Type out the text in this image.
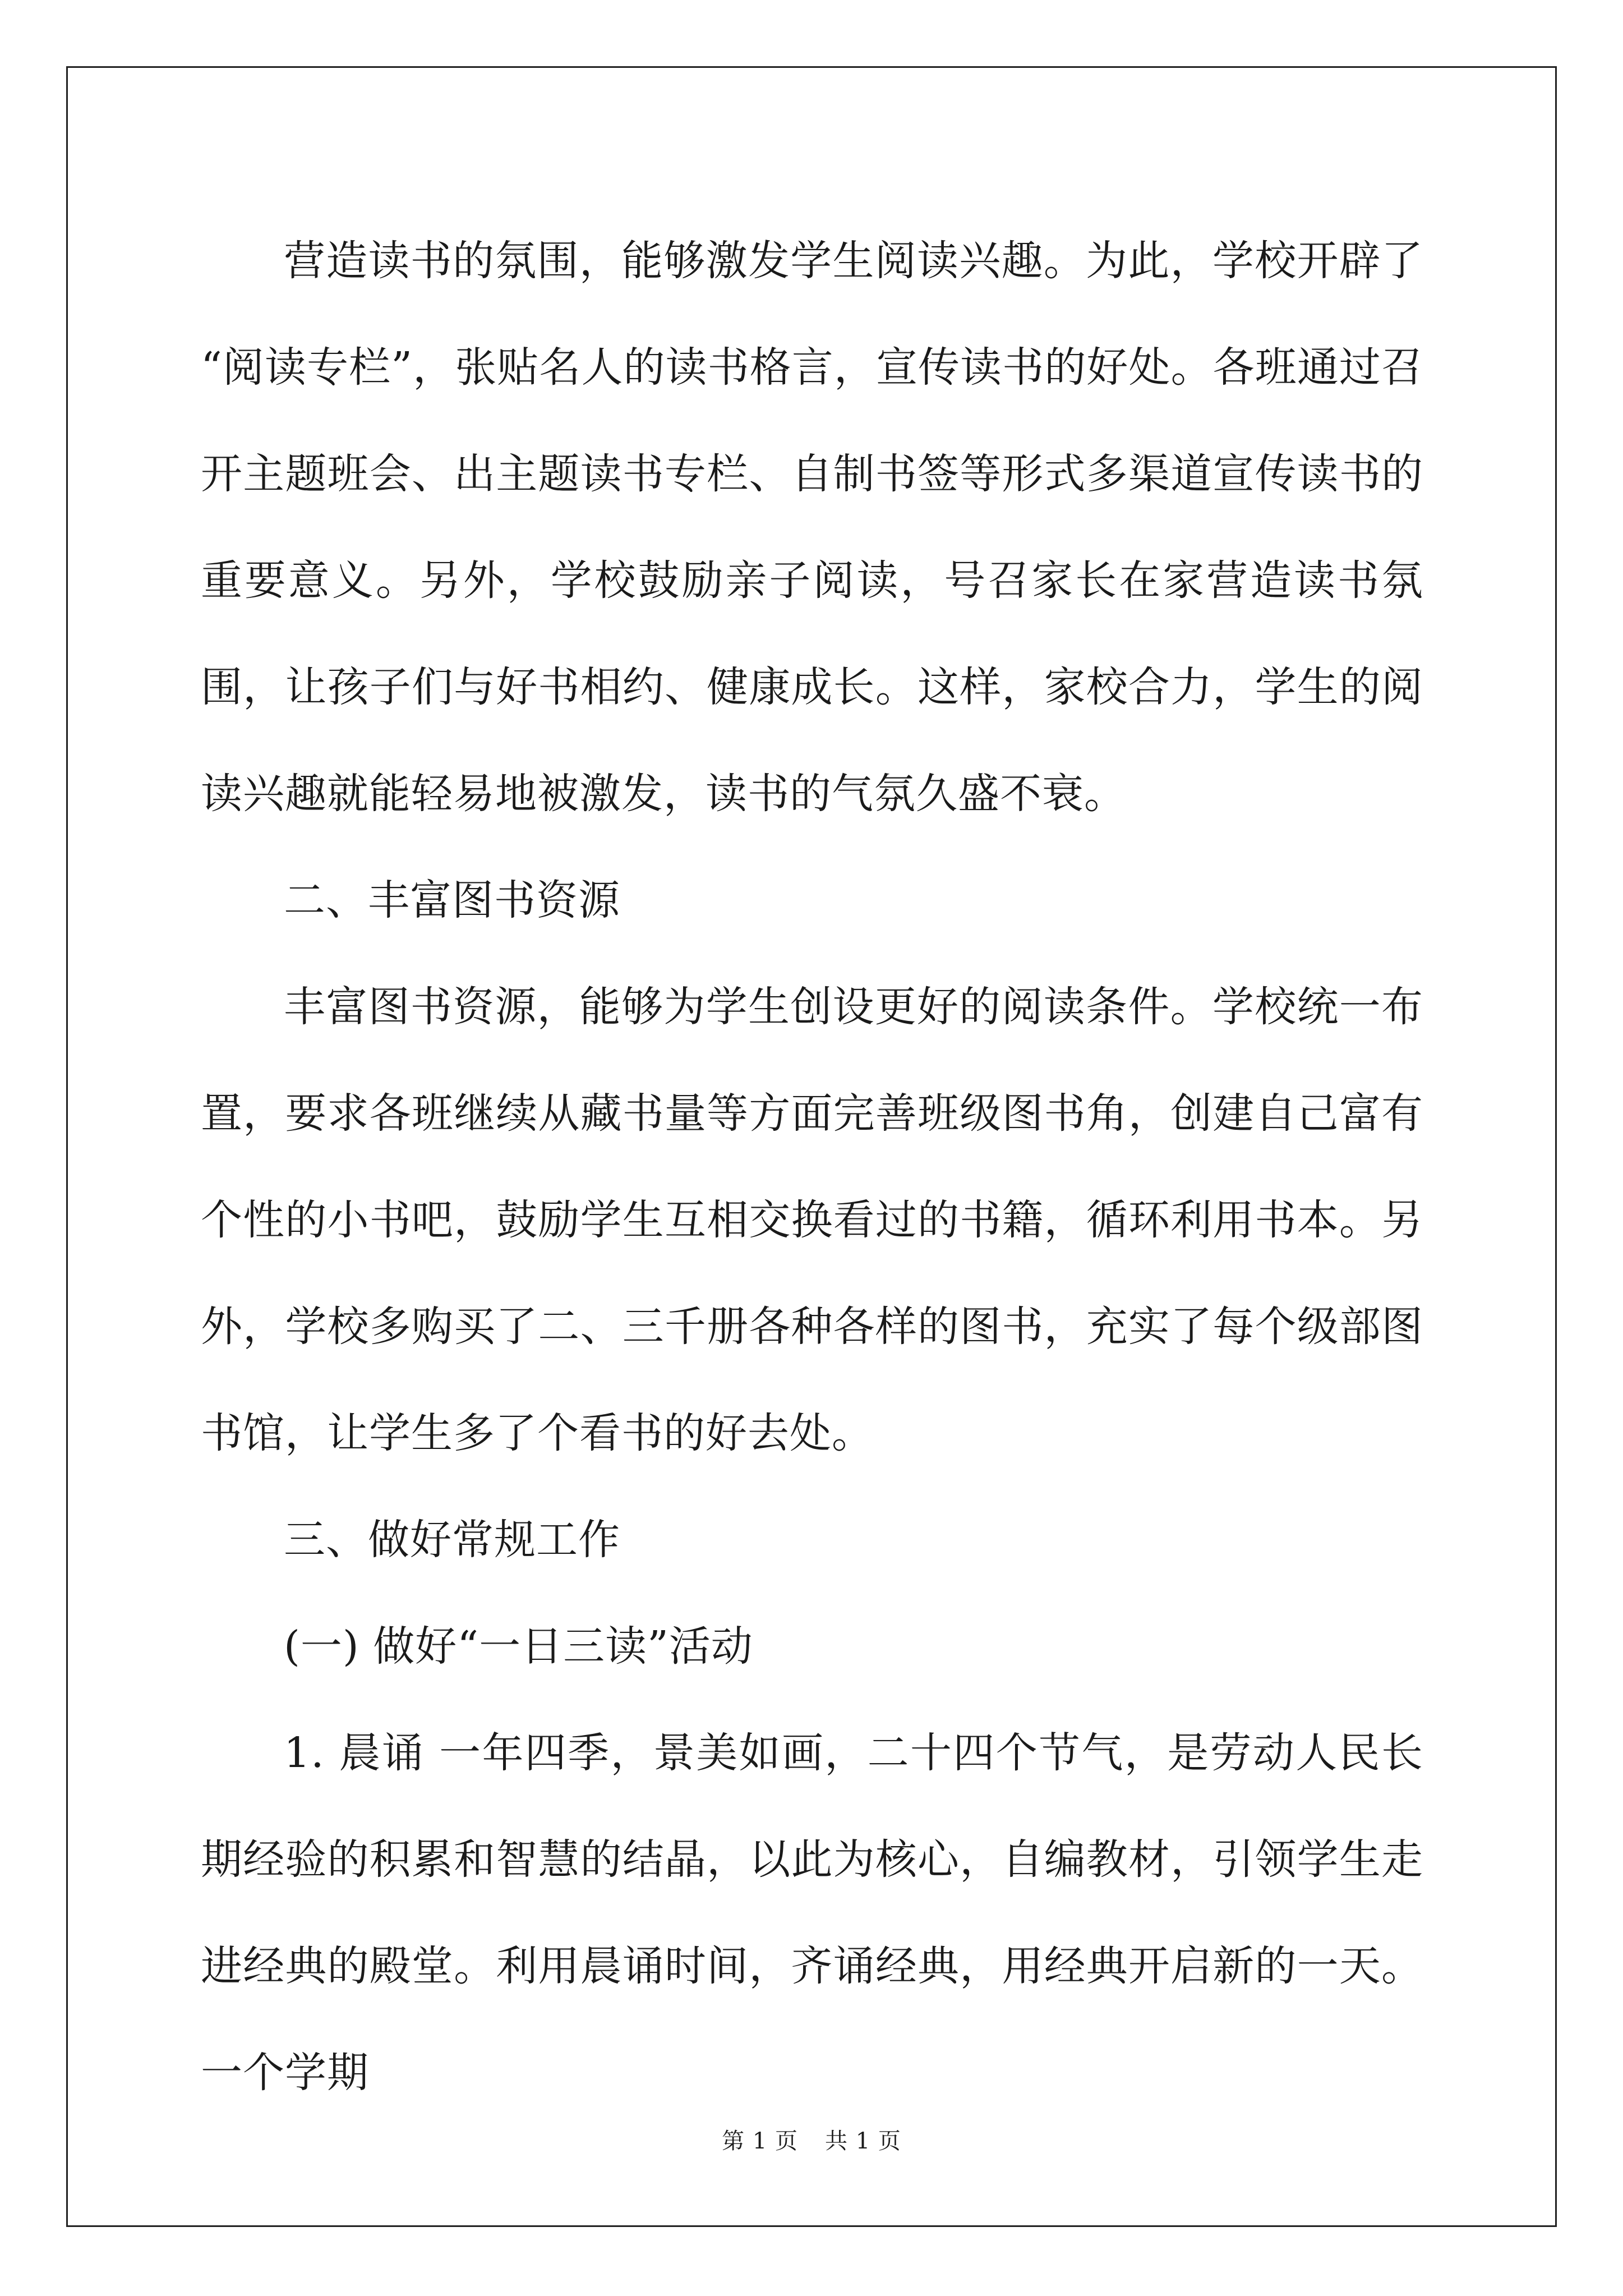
营造读书的氛围，能够激发学生阅读兴趣。为此，学校开辟了 “阅读专栏”，张贴名人的读书格言，宣传读书的好处。各班通过召开主题班会、出主题读书专栏、自制书签等形式多渠道宣传读书的重要意义。另外，学校鼓励亲子阅读，号召家长在家营造读书氛围，让孩子们与好书相约、健康成长。这样，家校合力，学生的阅读兴趣就能轻易地被激发，读书的气氛久盛不衰。

二、丰富图书资源

丰富图书资源，能够为学生创设更好的阅读条件。学校统一布置，要求各班继续从藏书量等方面完善班级图书角，创建自己富有个性的小书吧，鼓励学生互相交换看过的书籍，循环利用书本。另外，学校多购买了二、三千册各种各样的图书，充实了每个级部图书馆，让学生多了个看书的好去处。

三、做好常规工作

(一) 做好“一日三读”活动

1. 晨诵 一年四季，景美如画，二十四个节气，是劳动人民长期经验的积累和智慧的结晶，以此为核心，自编教材，引领学生走进经典的殿堂。利用晨诵时间，齐诵经典，用经典开启新的一天。一个学期

第 1 页 共 1 页
